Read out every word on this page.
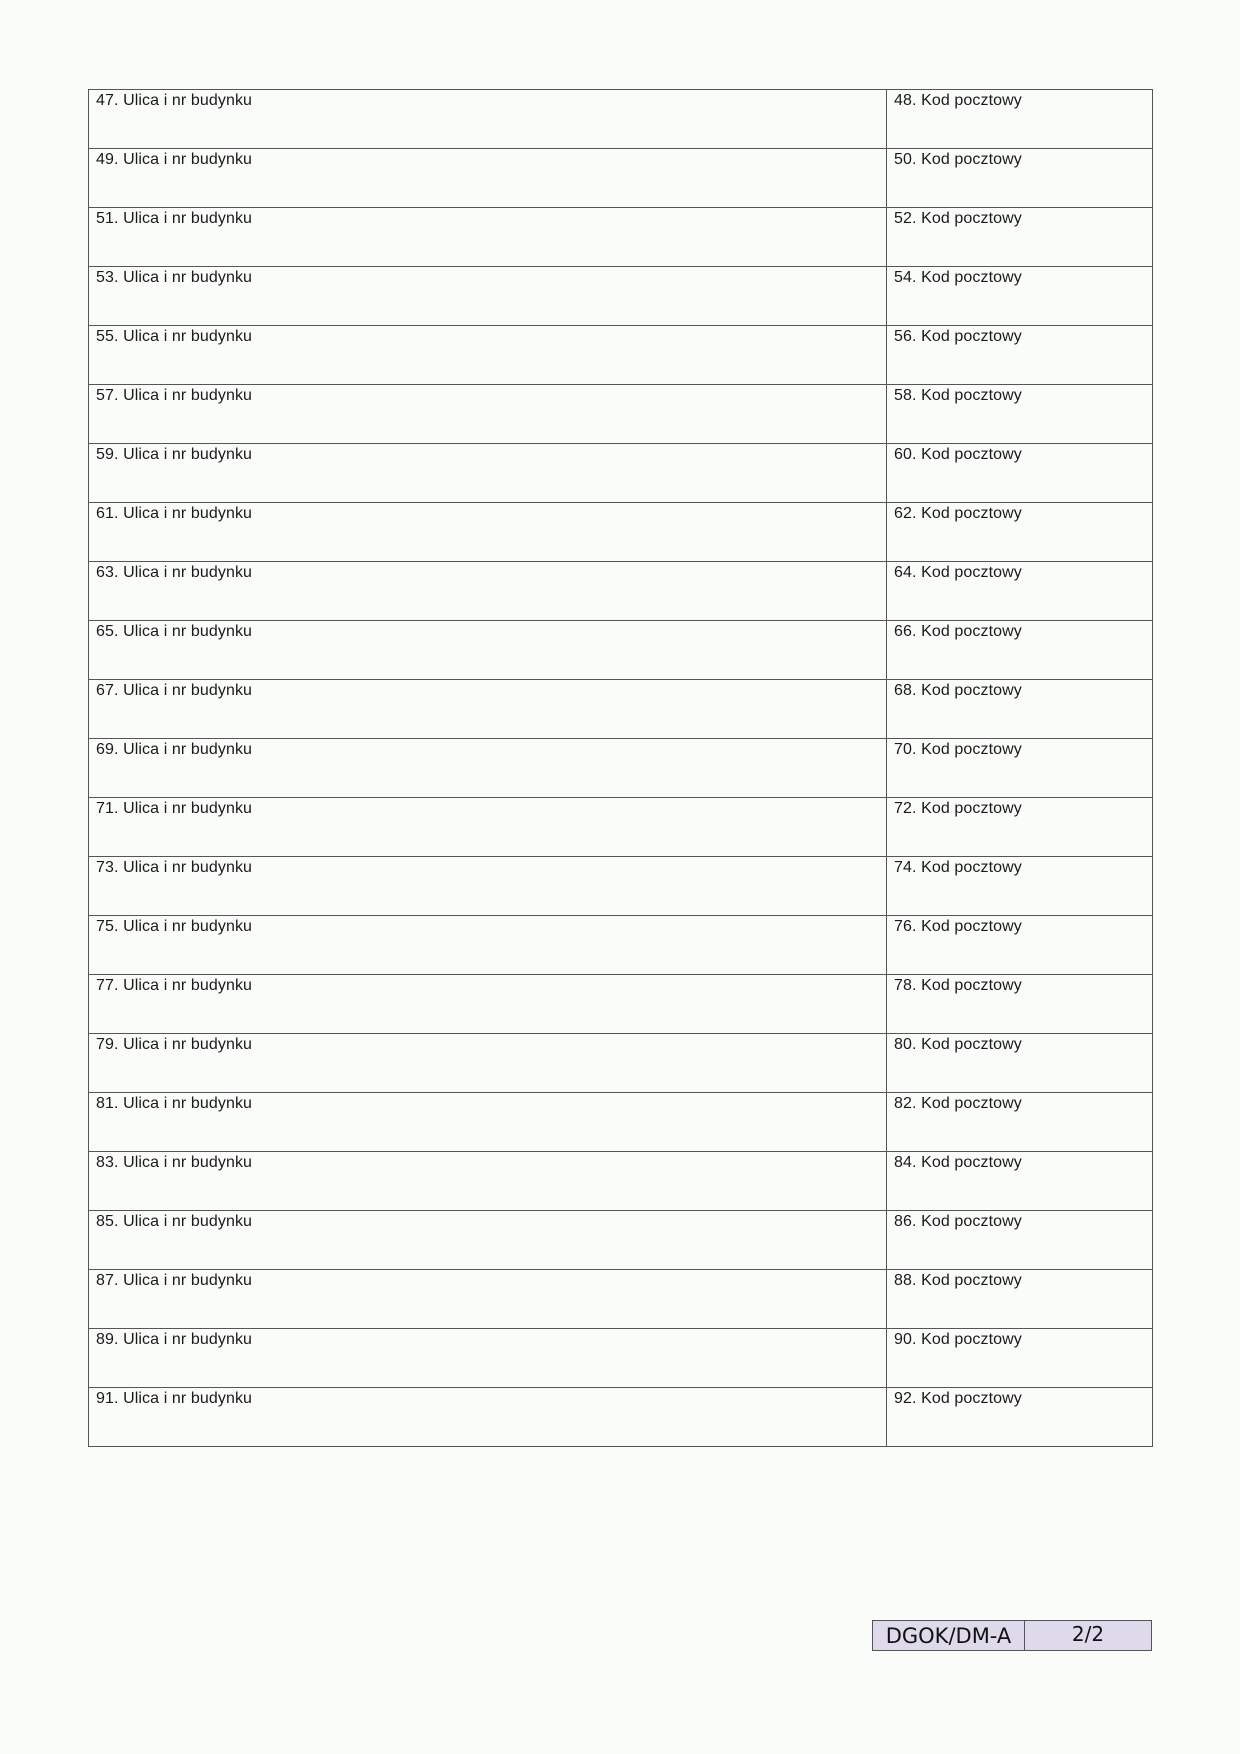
47. Ulica i nr budynku	48. Kod pocztowy

49. Ulica i nr budynku	50. Kod pocztowy

51. Ulica i nr budynku	52. Kod pocztowy

53. Ulica i nr budynku	54. Kod pocztowy

55. Ulica i nr budynku	56. Kod pocztowy

57. Ulica i nr budynku	58. Kod pocztowy

59. Ulica i nr budynku	60. Kod pocztowy

61. Ulica i nr budynku	62. Kod pocztowy

63. Ulica i nr budynku	64. Kod pocztowy

65. Ulica i nr budynku	66. Kod pocztowy

67. Ulica i nr budynku	68. Kod pocztowy

69. Ulica i nr budynku	70. Kod pocztowy

71. Ulica i nr budynku	72. Kod pocztowy

73. Ulica i nr budynku	74. Kod pocztowy

75. Ulica i nr budynku	76. Kod pocztowy

77. Ulica i nr budynku	78. Kod pocztowy

79. Ulica i nr budynku	80. Kod pocztowy

81. Ulica i nr budynku	82. Kod pocztowy

83. Ulica i nr budynku	84. Kod pocztowy

85. Ulica i nr budynku	86. Kod pocztowy

87. Ulica i nr budynku	88. Kod pocztowy

89. Ulica i nr budynku	90. Kod pocztowy

91. Ulica i nr budynku	92. Kod pocztowy
DGOK/DM-A	2/2
